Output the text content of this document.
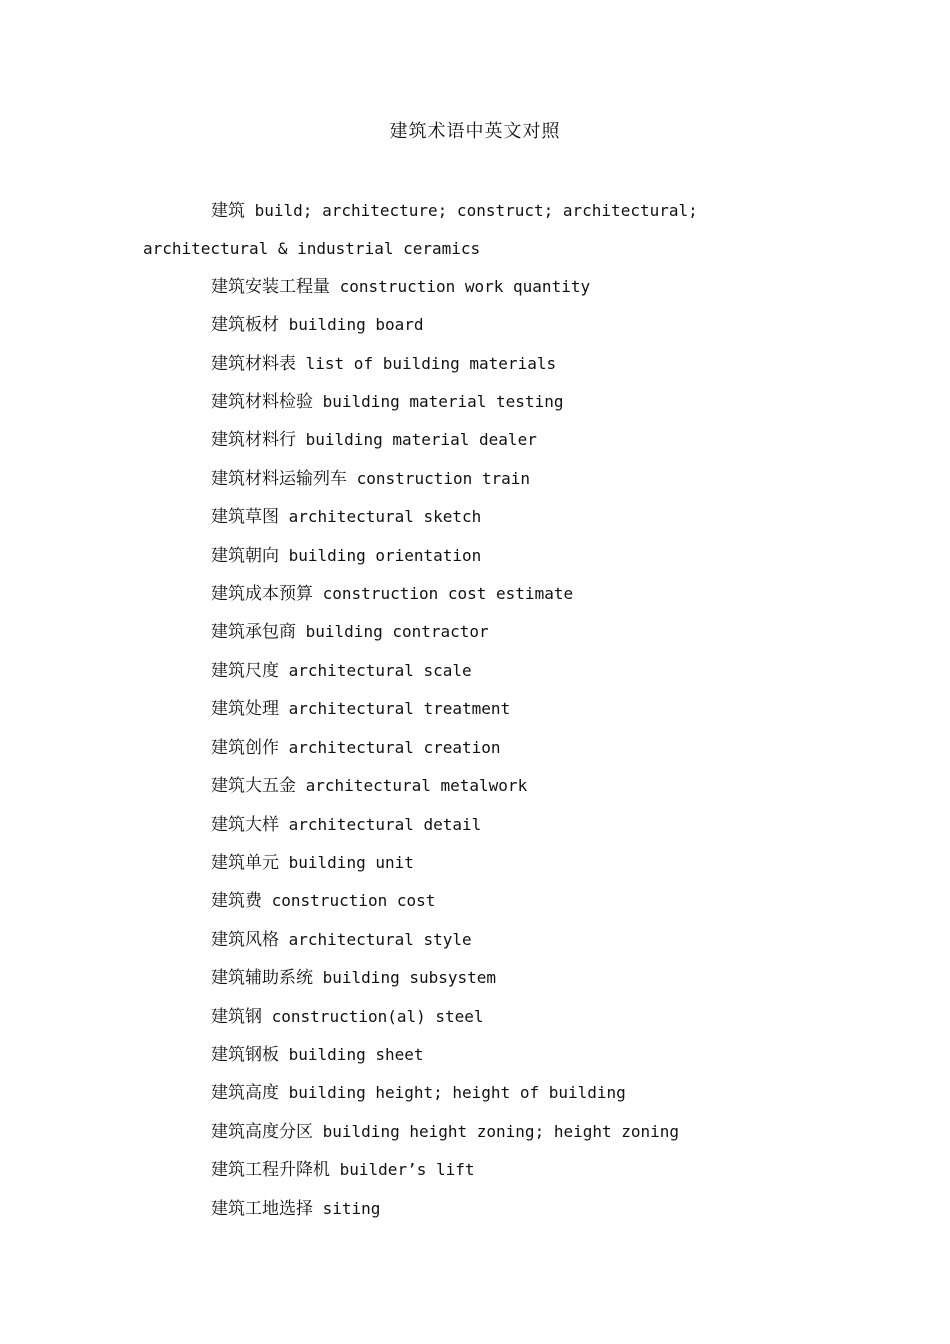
建筑术语中英文对照
建筑 build; architecture; construct; architectural;
architectural & industrial ceramics
建筑安装工程量 construction work quantity
建筑板材 building board
建筑材料表 list of building materials
建筑材料检验 building material testing
建筑材料行 building material dealer
建筑材料运输列车 construction train
建筑草图 architectural sketch
建筑朝向 building orientation
建筑成本预算 construction cost estimate
建筑承包商 building contractor
建筑尺度 architectural scale
建筑处理 architectural treatment
建筑创作 architectural creation
建筑大五金 architectural metalwork
建筑大样 architectural detail
建筑单元 building unit
建筑费 construction cost
建筑风格 architectural style
建筑辅助系统 building subsystem
建筑钢 construction(al) steel
建筑钢板 building sheet
建筑高度 building height; height of building
建筑高度分区 building height zoning; height zoning
建筑工程升降机 builder’s lift
建筑工地选择 siting
